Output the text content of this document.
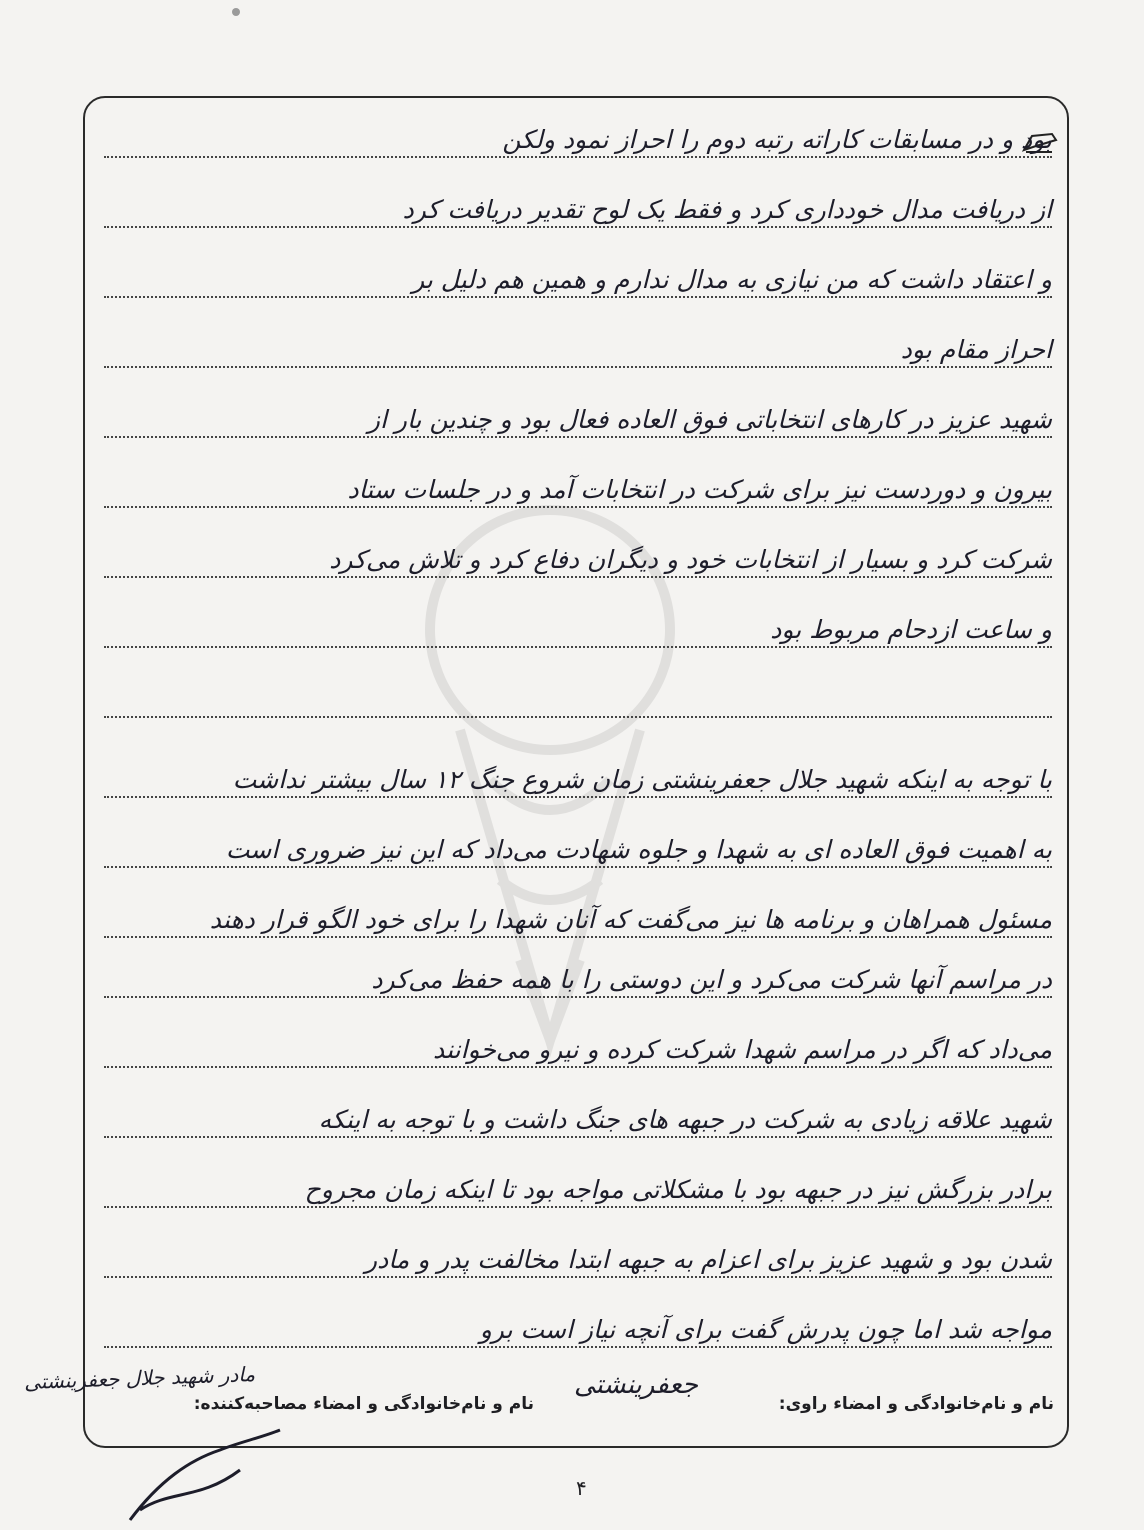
بود و در مسابقات کاراته رتبه دوم را احراز نمود ولکن
از دریافت مدال خودداری کرد و فقط یک لوح تقدیر دریافت کرد
و اعتقاد داشت که من نیازی به مدال ندارم و همین هم دلیل بر
احراز مقام بود
شهید عزیز در کارهای انتخاباتی فوق العاده فعال بود و چندین بار از
بیرون و دوردست نیز برای شرکت در انتخابات آمد و در جلسات ستاد
شرکت کرد و بسیار از انتخابات خود و دیگران دفاع کرد و تلاش می‌کرد
و ساعت ازدحام مربوط بود
با توجه به اینکه شهید جلال جعفرینشتی زمان شروع جنگ ۱۲ سال بیشتر نداشت
به اهمیت فوق العاده ای به شهدا و جلوه شهادت می‌داد که این نیز ضروری است
مسئول همراهان و برنامه ها نیز می‌گفت که آنان شهدا را برای خود الگو قرار دهند
در مراسم آنها شرکت می‌کرد و این دوستی را با همه حفظ می‌کرد
می‌داد که اگر در مراسم شهدا شرکت کرده و نیرو می‌خوانند
شهید علاقه زیادی به شرکت در جبهه های جنگ داشت و با توجه به اینکه
برادر بزرگش نیز در جبهه بود با مشکلاتی مواجه بود تا اینکه زمان مجروح
شدن بود و شهید عزیز برای اعزام به جبهه ابتدا مخالفت پدر و مادر
مواجه شد اما چون پدرش گفت برای آنچه نیاز است برو
نام و نام‌خانوادگی و امضاء راوی:
نام و نام‌خانوادگی و امضاء مصاحبه‌کننده:
جعفرینشتی
مادر شهید جلال جعفرینشتی
۴
